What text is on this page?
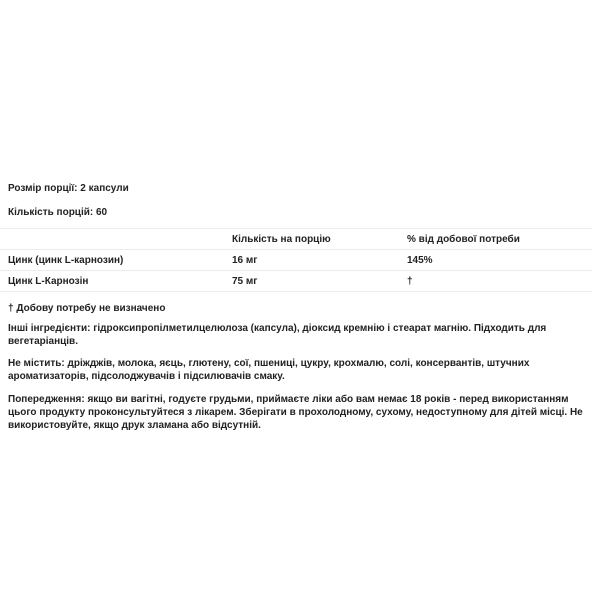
Розмір порції: 2 капсули
Кількість порцій: 60
	Кількість на порцію	% від добової потреби
Цинк (цинк L-карнозин)	16 мг	145%
Цинк L-Карнозін	75 мг	†
† Добову потребу не визначено
Інші інгредієнти: гідроксипропілметилцелюлоза (капсула), діоксид кремнію і стеарат магнію. Підходить для вегетаріанців.
Не містить: дріжджів, молока, яєць, глютену, сої, пшениці, цукру, крохмалю, солі, консервантів, штучних ароматизаторів, підсолоджувачів і підсилювачів смаку.
Попередження: якщо ви вагітні, годуєте грудьми, приймаєте ліки або вам немає 18 років - перед використанням цього продукту проконсультуйтеся з лікарем. Зберігати в прохолодному, сухому, недоступному для дітей місці. Не використовуйте, якщо друк зламана або відсутній.
